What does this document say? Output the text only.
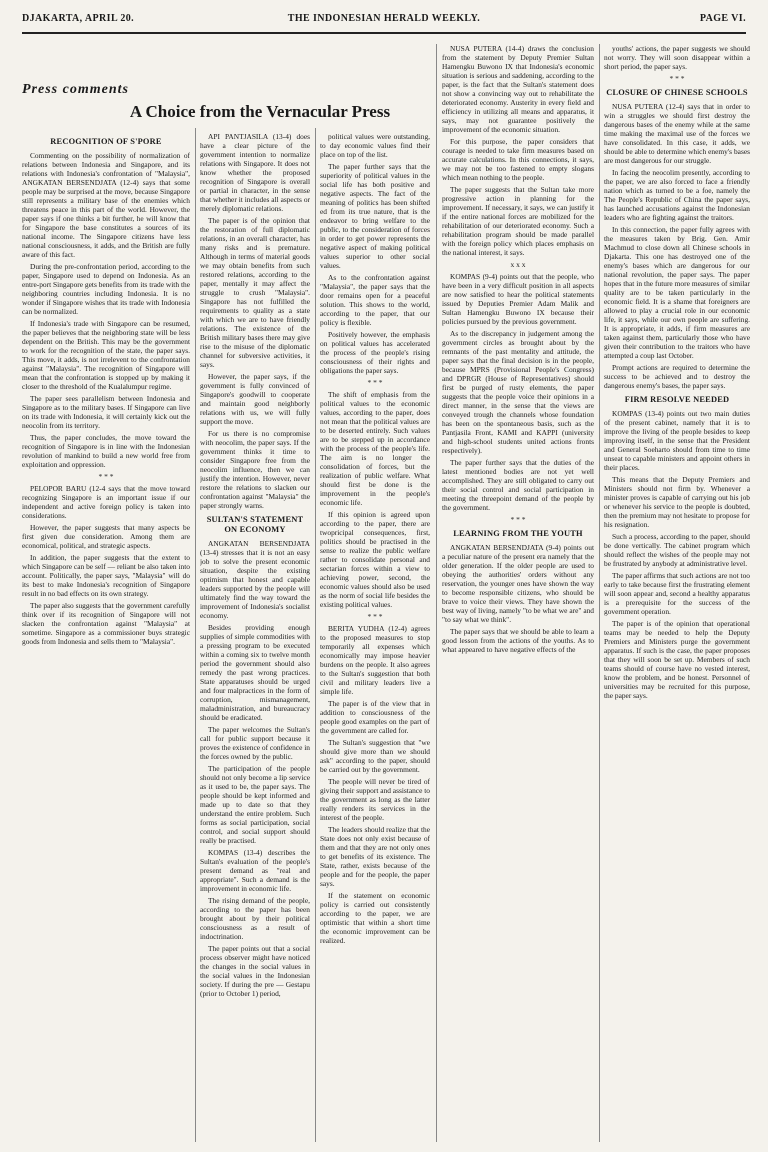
DJAKARTA, APRIL 20.	THE INDONESIAN HERALD WEEKLY.	PAGE VI.
Press comments
A Choice from the Vernacular Press
RECOGNITION OF S'PORE

Commenting on the possibility of normalization of relations between Indonesia and Singapore, and its relations with Indonesia's confrontation of "Malaysia", ANGKATAN BERSENDJATA (12-4) says that some people may be surprised at the move, because Singapore still represents a military base of the enemies which threatens peace in this part of the world. However, the paper says if one thinks a bit further, he will know that for Singapore the base constitutes a sources of its national income. The Singapore citizens have less national consciousness, it adds, and the British are fully aware of this fact.

During the pre-confrontation period, according to the paper, Singapore used to depend on Indonesia. As an entre-port Singapore gets benefits from its trade with the neighboring countries including Indonesia. It is no wonder if Singapore wishes that its trade with Indonesia can be normalized.

If Indonesia's trade with Singapore can be resumed, the paper believes that the neighboring state will be less dependent on the British. This may be the government to work for the recognition of the state, the paper says. This move, it adds, is not irrelevent to the confrontation against "Malaysia". The recognition of Singapore will mean that the confrontation is stopped up by making it closer to the threshold of the Kualalumpur regime.

The paper sees parallelism between Indonesia and Singapore as to the military bases. If Singapore can live on its trade with Indonesia, it will certainly kick out the neocolin from its territory.

Thus, the paper concludes, the move toward the recognition of Singapore is in line with the Indonesian revolution of mankind to build a new world free from exploitation and oppression.

* * *

PELOPOR BARU (12-4 says that the move toward recognizing Singapore is an important issue if our independent and active foreign policy is taken into considerations.

However, the paper suggests that many aspects be first given due consideration. Among them are economical, political, and strategic aspects.

In addition, the paper suggests that the extent to which Singapore can be self — reliant be also taken into account. Politically, the paper says, "Malaysia" will do its best to make Indonesia's recognition of Singapore result in no bad effects on its own strategy.

The paper also suggests that the government carefully think over if its recognition of Singapore will not slacken the confrontation against "Malaysia" at sometime. Singapore as a commissioner buys strategic goods from Indonesia and sells them to "Malaysia".

API PANTJASILA (13-4) does have a clear picture of the government intention to normalize relations with Singapore. It does not know whether the proposed recognition of Singapore is overall or partial in character, in the sense that whether it includes all aspects or merely diplomatic relations.

The paper is of the opinion that the restoration of full diplomatic relations, in an overall character, has many risks and is premature. Although in terms of material goods we may obtain benefits from such restored relations, according to the paper, mentally it may affect the struggle to crush "Malaysia". Singapore has not fulfilled the requirements to quality as a state with which we are to have friendly relations. The existence of the British military bases there may give rise to the misuse of the diplomatic channel for subversive activities, it says.

However, the paper says, if the government is fully convinced of Singapore's goodwill to cooperate and maintain good neighborly relations with us, we will fully support the move.

For us there is no compromise with neocolim, the paper says. If the government thinks it time to consider Singapore free from the neocolim influence, then we can justify the intention. However, never restore the relations to slacken our confrontation against "Malaysia" the paper strongly warns.

SULTAN'S STATEMENT ON ECONOMY

ANGKATAN BERSENDJATA (13-4) stresses that it is not an easy job to solve the present economic situation, despite the existing optimism that honest and capable leaders supported by the people will ultimately find the way toward the improvement of Indonesia's socialist economy.

Besides providing enough supplies of simple commodities with a pressing program to be executed within a coming six to twelve month period the government should also remedy the past wrong practices. State apparatuses should be urged and four malpractices in the form of corruption, mismanagement, maladministration, and bureaucracy should be eradicated.

The paper welcomes the Sultan's call for public support because it proves the existence of confidence in the forces owned by the public.

The participation of the people should not only become a lip service as it used to be, the paper says. The people should be kept informed and made up to date so that they understand the entire problem. Such forms as social participation, social control, and social support should really be practised.

KOMPAS (13-4) describes the Sultan's evaluation of the people's present demand as "real and appropriate". Such a demand is the improvement in economic life.

The rising demand of the people, according to the paper has been brought about by their political consciousness as a result of indoctrination.

The paper points out that a social process observer might have noticed the changes in the social values in the social values in the Indonesian society. If during the pre — Gestapu (prior to October 1) period,

political values were outstanding, to day economic values find their place on top of the list.

The paper further says that the superiority of political values in the social life has both positive and negative aspects. The fact of the meaning of politics has been shifted ed from its true nature, that is the endeavor to bring welfare to the public, to the consideration of forces in order to get power represents the negative aspect of making political values superior to other social values.

As to the confrontation against "Malaysia", the paper says that the door remains open for a peaceful solution. This shows to the world, according to the paper, that our policy is flexible.

Positively however, the emphasis on political values has accelerated the process of the people's rising consciousness of their rights and obligations the paper says.

* * *

The shift of emphasis from the political values to the economic values, according to the paper, does not mean that the political values are to be deserted entirely. Such values are to be stepped up in accordance with the process of the people's life. The aim is no longer the consolidation of forces, but the realization of public welfare. What should first be done is the improvement in the people's economic life.

If this opinion is agreed upon according to the paper, there are twopricipal consequences, first, politics should be practised in the sense to realize the public welfare rather to consolidate personal and sectarian forces within a view to achieving power, second, the economic values should also be used as the norm of social life besides the existing political values.

* * *

BERITA YUDHA (12-4) agrees to the proposed measures to stop temporarily all expenses which economically may impose heavier burdens on the people. It also agrees to the Sultan's suggestion that both civil and military leaders live a simple life.

The paper is of the view that in addition to consciousness of the people good examples on the part of the government are called for.

The Sultan's suggestion that "we should give more than we should ask" according to the paper, should be carried out by the government.

The people will never be tired of giving their support and assistance to the government as long as the latter really renders its services in the interest of the people.

The leaders should realize that the State does not only exist because of them and that they are not only ones to get benefits of its existence. The State, rather, exists because of the people and for the people, the paper says.

If the statement on economic policy is carried out consistently according to the paper, we are optimistic that within a short time the economic improvement can be realized.

NUSA PUTERA (14-4) draws the conclusion from the statement by Deputy Premier Sultan Hamengku Buwono IX that Indonesia's economic situation is serious and saddening, according to the paper, is the fact that the Sultan's statement does not show a convincing way out to rehabilitate the deteriorated economy. Austerity in every field and efficiency in utilizing all means and apparatus, it says, may not guarantee positively the improvement of the economic situation.

For this purpose, the paper considers that courage is needed to take firm measures based on accurate calculations. In this connections, it says, we may not be too fastened to empty slogans which mean nothing to the people.

The paper suggests that the Sultan take more progressive action in planning for the improvement. If necessary, it says, we can justify it if the entire national forces are mobilized for the rehabilitation of our deteriorated economy. Such a rehabilitation program should be made parallel with the foreign policy which places emphasis on the national interest, it says.

x x x

KOMPAS (9-4) points out that the people, who have been in a very difficult position in all aspects are now satisfied to hear the political statements issued by Deputies Premier Adam Malik and Sultan Hamengku Buwono IX because their policies pursued by the previous government.

As to the discrepancy in judgement among the government circles as brought about by the remnants of the past mentality and attitude, the paper says that the final decision is in the people, because MPRS (Provisional People's Congress) and DPRGR (House of Representatives) should first be purged of rusty elements, the paper suggests that the people voice their opinions in a direct manner, in the sense that the views are conveyed trough the channels whose foundation has been on the spontaneous basis, such as the Pantjasila Front, KAMI and KAPPI (university and high-school students united actions fronts respectively).

The paper further says that the duties of the latest mentioned bodies are not yet well accomplished. They are still obligated to carry out their social control and social participation in meeting the threepoint demand of the people by the government.

* * *
LEARNING FROM THE YOUTH

ANGKATAN BERSENDJATA (9-4) points out a peculiar nature of the present era namely that the older generation. If the older people are used to obeying the authorities' orders without any reservation, the younger ones have shown the way to become responsible citizens, who should be brave to voice their views. They have shown the best way of living, namely "to be what we are" and "to say what we think".

The paper says that we should be able to learn a good lesson from the actions of the youths. As to what appeared to have negative effects of the

youths' actions, the paper suggests we should not worry. They will soon disappear within a short period, the paper says.

* * *
CLOSURE OF CHINESE SCHOOLS

NUSA PUTERA (12-4) says that in order to win a struggles we should first destroy the dangerous bases of the enemy while at the same time making the maximal use of the forces we have consolidated. In this case, it adds, we should be able to determine which enemy's bases are most dangerous for our struggle.

In facing the neocolim presently, according to the paper, we are also forced to face a friendly nation which as turned to be a foe, namely the The People's Republic of China the paper says, has launched accusations against the Indonesian leaders who are fighting against the traitors.

In this connection, the paper fully agrees with the measures taken by Brig. Gen. Amir Machmud to close down all Chinese schools in Djakarta. This one has destroyed one of the enemy's bases which are dangerous for our national revolution, the paper says. The paper hopes that in the future more measures of similar quality are to be taken particularly in the economic field. It is a shame that foreigners are allowed to play a crucial role in our economic life, it says, while our own people are suffering. It is appropriate, it adds, if firm measures are taken against them, particularly those who have given their contribution to the traitors who have attempted a coup last October.

Prompt actions are required to determine the success to be achieved and to destroy the dangerous enemy's bases, the paper says.

FIRM RESOLVE NEEDED

KOMPAS (13-4) points out two main duties of the present cabinet, namely that it is to improve the living of the people besides to keep improving itself, in the sense that the President and General Soeharto should from time to time unseat to capable ministers and appoint others in their places.

This means that the Deputy Premiers and Ministers should not firm by. Whenever a minister proves is capable of carrying out his job or whenever his service to the people is doubted, then the premium may not hesitate to propose for his resignation.

Such a process, according to the paper, should be done vertically. The cabinet program which should reflect the wishes of the people may not be frustrated by anybody at administrative level.

The paper affirms that such actions are not too early to take because first the frustrating element will soon appear and, second a healthy apparatus is a prerequisite for the success of the government operation.

The paper is of the opinion that operational teams may be needed to help the Deputy Premiers and Ministers purge the government apparatus. If such is the case, the paper proposes that they will soon be set up. Members of such teams should of course have no vested interest, know the problem, and be honest. Personnel of universities may be recruited for this purpose, the paper says.
